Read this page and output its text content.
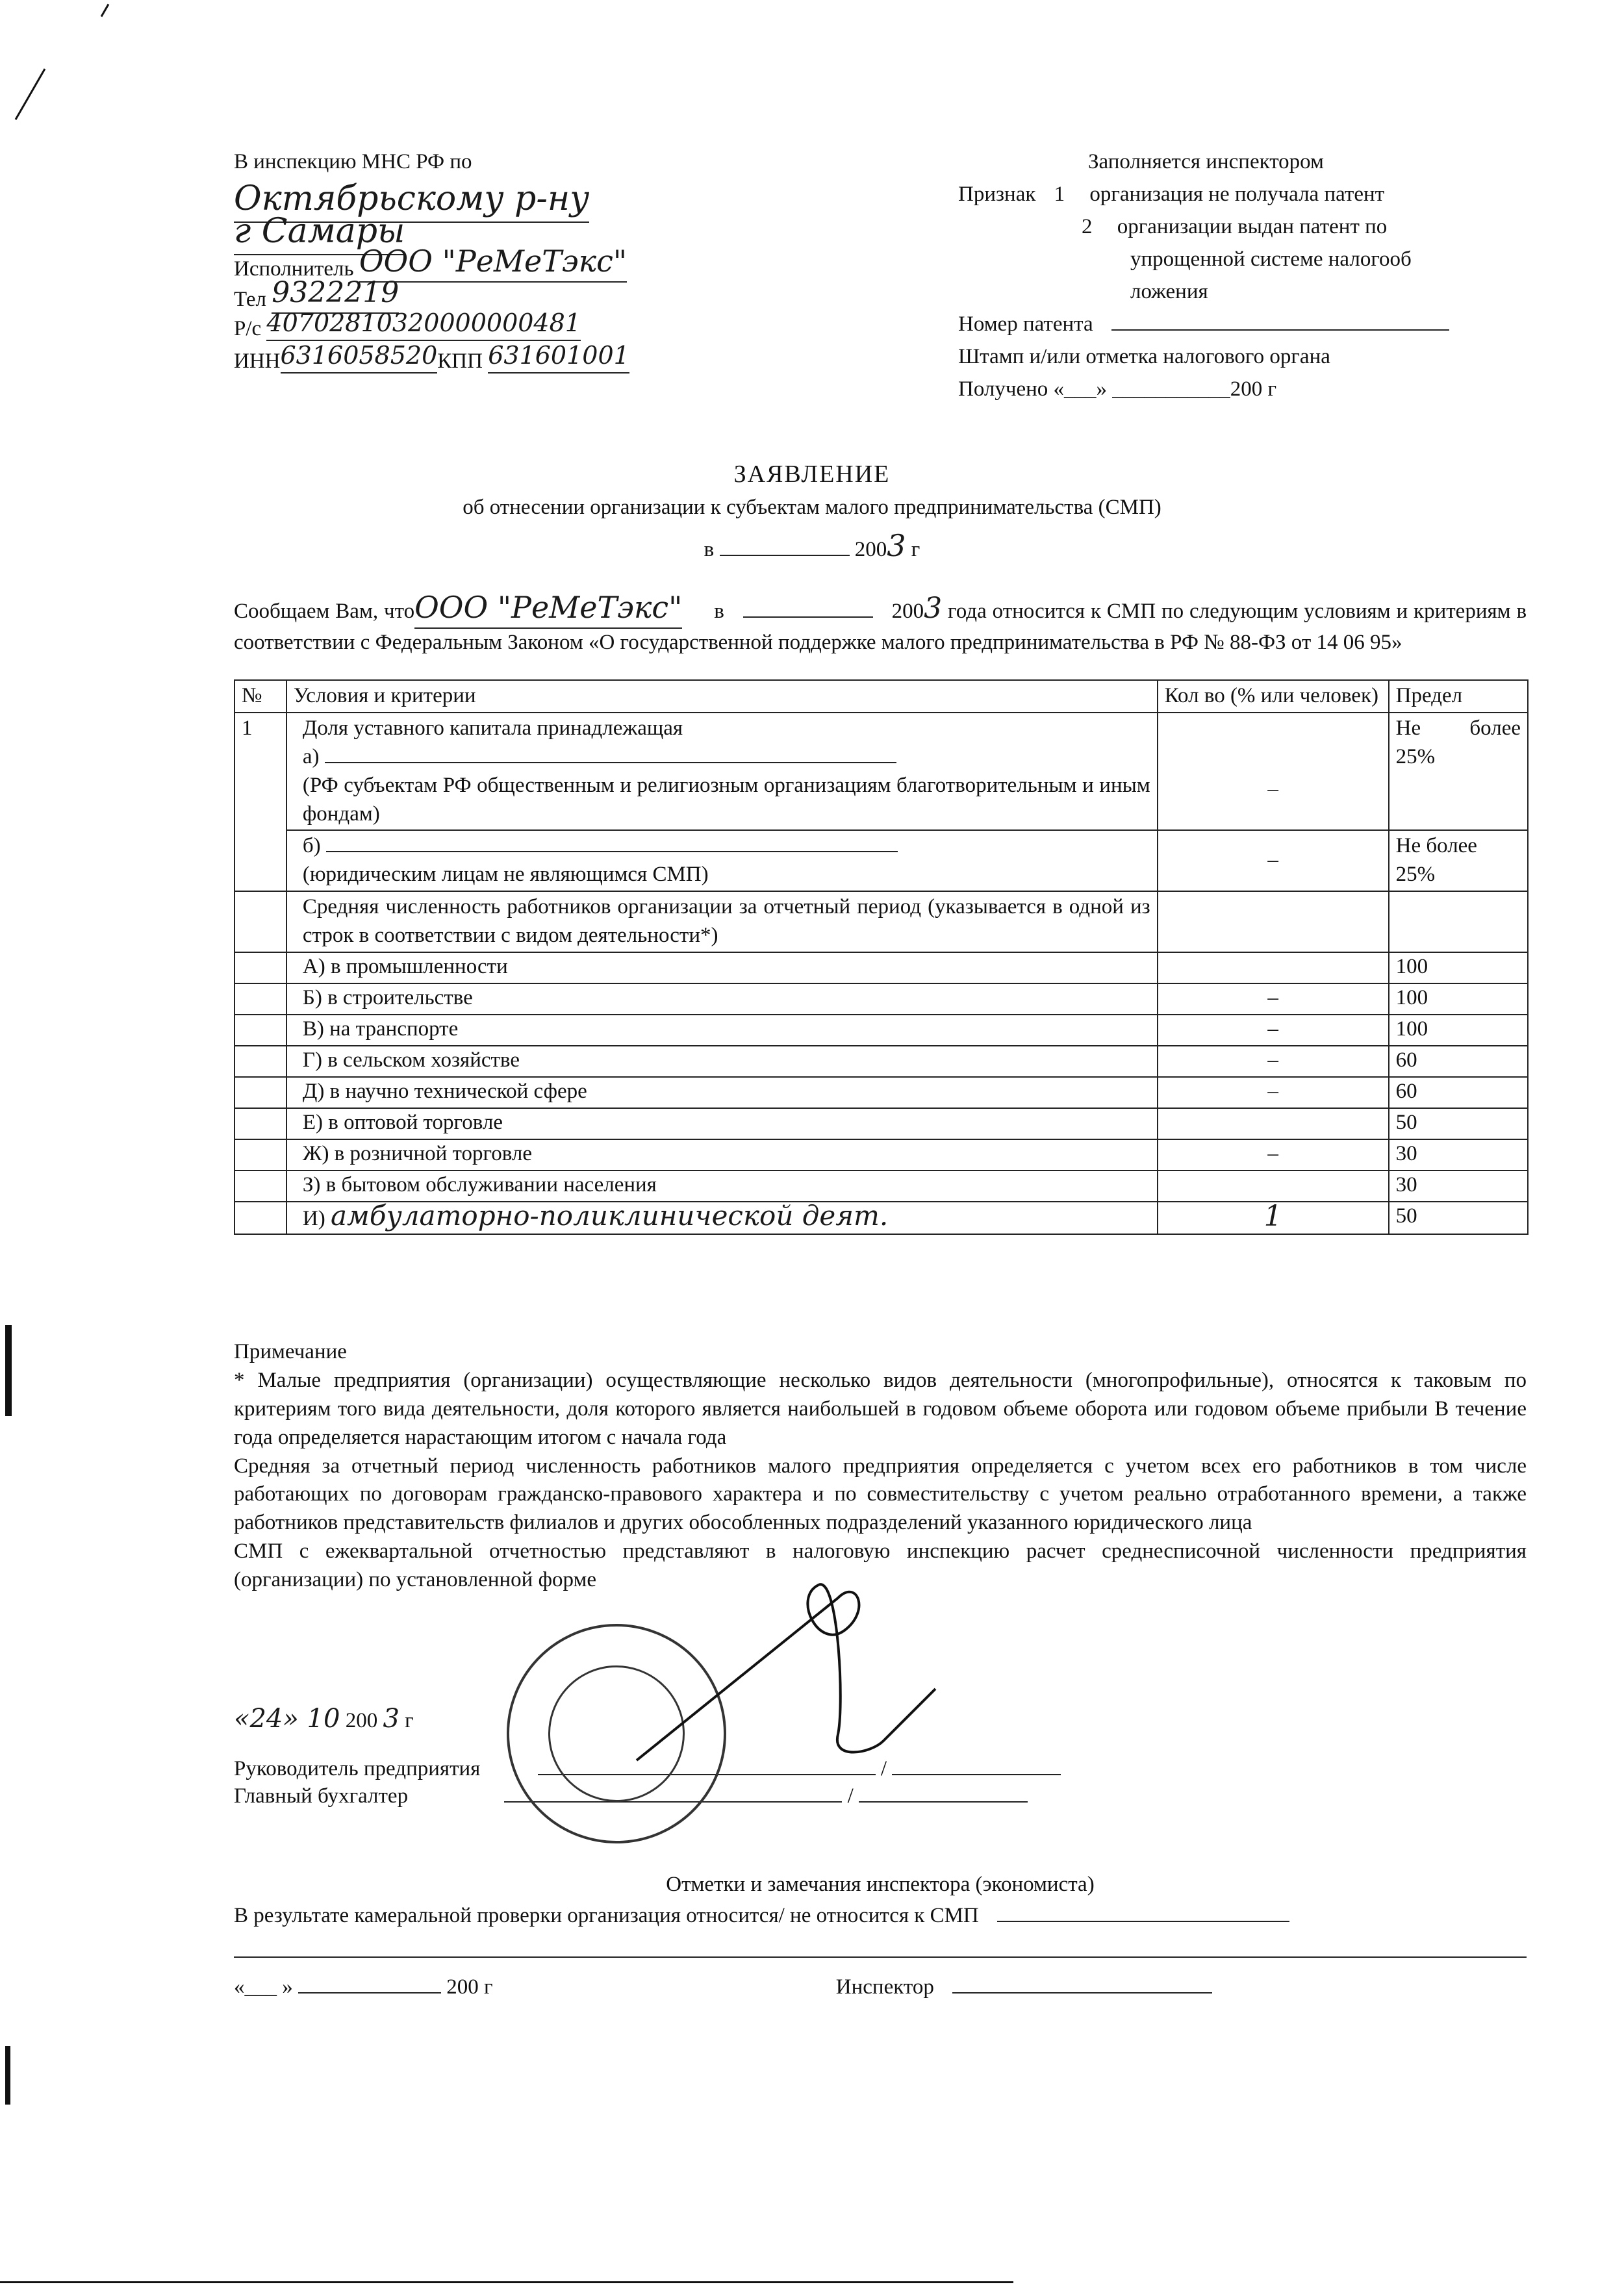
В инспекцию МНС РФ по
Октябрьскому р-ну
г Самары
Исполнитель ООО "РеМеТэкс"
Тел 9322219
Р/с 40702810320000000481
ИНН6316058520КПП 631601001
Заполняется инспектором
Признак 1 организация не получала патент
2 организации выдан патент по
упрощенной системе налогооб
ложения
Номер патента
Штамп и/или отметка налогового органа
Получено «___» ___________200 г
ЗАЯВЛЕНИЕ
об отнесении организации к субъектам малого предпринимательства (СМП)
в	2003 г
Сообщаем Вам, чтоООО "РеМеТэкс" в	2003 года относится к СМП по следующим условиям и критериям в соответствии с Федеральным Законом «О государственной поддержке малого предпринимательства в РФ № 88-ФЗ от 14 06 95»
№	Условия и критерии	Кол во (% или человек)	Предел
1	Доля уставного капитала принадлежащая
а)
(РФ субъектам РФ общественным и религиозным организациям благотворительным и иным фондам)	–	Не более 25%

	б)
(юридическим лицам не являющимся СМП)	–	Не более 25%
	Средняя численность работников организации за отчетный период (указывается в одной из строк в соответствии с видом деятельности*)		
	А) в промышленности		100
	Б) в строительстве	–	100
	В) на транспорте	–	100
	Г) в сельском хозяйстве	–	60
	Д) в научно технической сфере	–	60
	Е) в оптовой торговле		50
	Ж) в розничной торговле	–	30
	З) в бытовом обслуживании населения		30
	И) амбулаторно-поликлинической деят.	1	50

Примечание

* Малые предприятия (организации) осуществляющие несколько видов деятельности (многопрофильные), относятся к таковым по критериям того вида деятельности, доля которого является наибольшей в годовом объеме оборота или годовом объеме прибыли В течение года определяется нарастающим итогом с начала года

Средняя за отчетный период численность работников малого предприятия определяется с учетом всех его работников в том числе работающих по договорам гражданско-правового характера и по совместительству с учетом реально отработанного времени, а также работников представительств филиалов и других обособленных подразделений указанного юридического лица

СМП с ежеквартальной отчетностью представляют в налоговую инспекцию расчет среднесписочной численности предприятия (организации) по установленной форме

«24» 10 200 3 г
Руководитель предприятия	/
Главный бухгалтер	/
Отметки и замечания инспектора (экономиста)
В результате камеральной проверки организация относится/ не относится к СМП
«___ »	200 г	Инспектор
